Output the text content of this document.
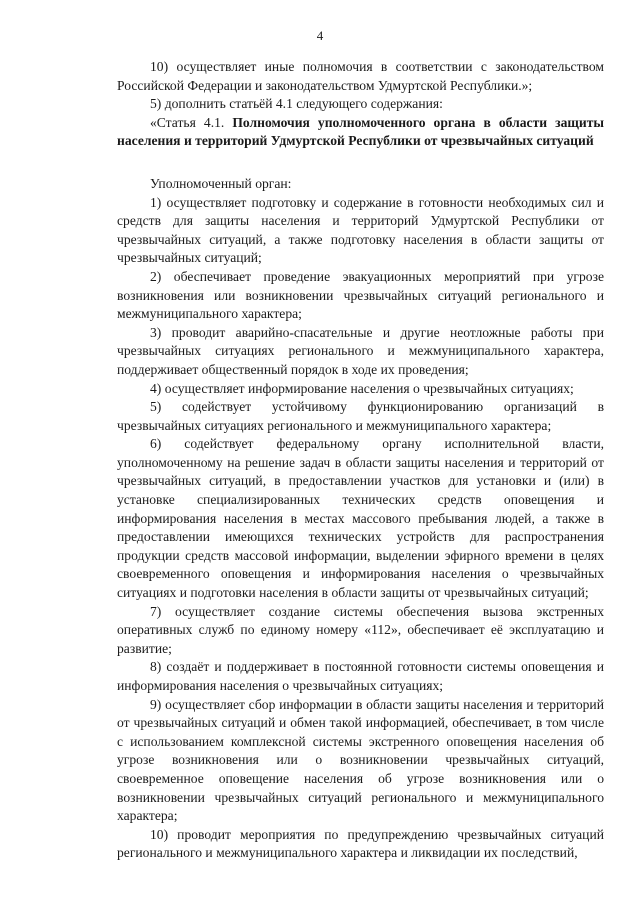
4

10) осуществляет иные полномочия в соответствии с законодательством Российской Федерации и законодательством Удмуртской Республики.»;

5) дополнить статьёй 4.1 следующего содержания:

«Статья 4.1. Полномочия уполномоченного органа в области защиты населения и территорий Удмуртской Республики от чрезвычайных ситуаций

Уполномоченный орган:

1) осуществляет подготовку и содержание в готовности необходимых сил и средств для защиты населения и территорий Удмуртской Республики от чрезвычайных ситуаций, а также подготовку населения в области защиты от чрезвычайных ситуаций;

2) обеспечивает проведение эвакуационных мероприятий при угрозе возникновения или возникновении чрезвычайных ситуаций регионального и межмуниципального характера;

3) проводит аварийно-спасательные и другие неотложные работы при чрезвычайных ситуациях регионального и межмуниципального характера, поддерживает общественный порядок в ходе их проведения;

4) осуществляет информирование населения о чрезвычайных ситуациях;

5) содействует устойчивому функционированию организаций в чрезвычайных ситуациях регионального и межмуниципального характера;

6) содействует федеральному органу исполнительной власти, уполномоченному на решение задач в области защиты населения и территорий от чрезвычайных ситуаций, в предоставлении участков для установки и (или) в установке специализированных технических средств оповещения и информирования населения в местах массового пребывания людей, а также в предоставлении имеющихся технических устройств для распространения продукции средств массовой информации, выделении эфирного времени в целях своевременного оповещения и информирования населения о чрезвычайных ситуациях и подготовки населения в области защиты от чрезвычайных ситуаций;

7) осуществляет создание системы обеспечения вызова экстренных оперативных служб по единому номеру «112», обеспечивает её эксплуатацию и развитие;

8) создаёт и поддерживает в постоянной готовности системы оповещения и информирования населения о чрезвычайных ситуациях;

9) осуществляет сбор информации в области защиты населения и территорий от чрезвычайных ситуаций и обмен такой информацией, обеспечивает, в том числе с использованием комплексной системы экстренного оповещения населения об угрозе возникновения или о возникновении чрезвычайных ситуаций, своевременное оповещение населения об угрозе возникновения или о возникновении чрезвычайных ситуаций регионального и межмуниципального характера;

10) проводит мероприятия по предупреждению чрезвычайных ситуаций регионального и межмуниципального характера и ликвидации их последствий,
